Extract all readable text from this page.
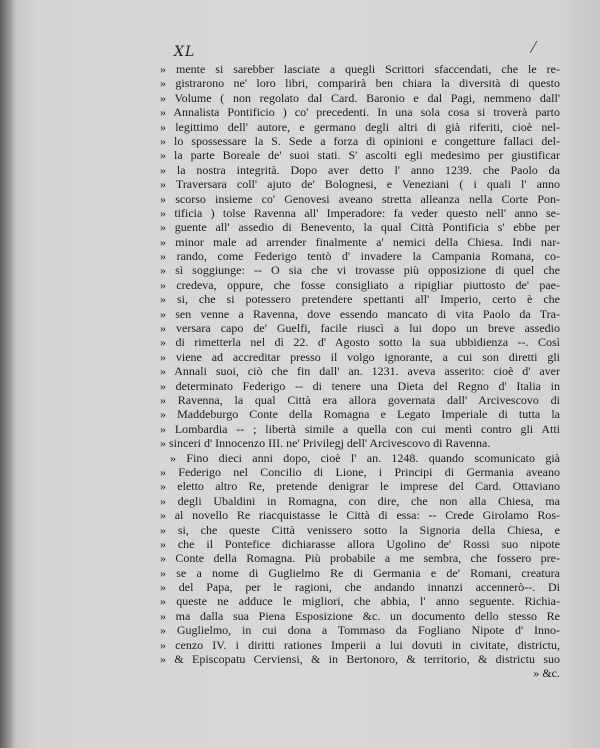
XL
» mente si sarebber lasciate a quegli Scrittori sfaccendati, che le re-
» gistrarono ne' loro libri, comparirà ben chiara la diversità di questo
» Volume ( non regolato dal Card. Baronio e dal Pagi, nemmeno dall'
» Annalista Pontificio ) co' precedenti. In una sola cosa si troverà parto
» legittimo dell' autore, e germano degli altri di già riferiti, cioè nel-
» lo spossessare la S. Sede a forza di opinioni e congetture fallaci del-
» la parte Boreale de' suoi stati. S' ascolti egli medesimo per giustificar
» la nostra integrità. Dopo aver detto l' anno 1239. che Paolo da
» Traversara coll' ajuto de' Bolognesi, e Veneziani ( i quali l' anno
» scorso insieme co' Genovesi aveano stretta alleanza nella Corte Pon-
» tificia ) tolse Ravenna all' Imperadore: fa veder questo nell' anno se-
» guente all' assedio di Benevento, la qual Città Pontificia s' ebbe per
» minor male ad arrender finalmente a' nemici della Chiesa. Indi nar-
» rando, come Federigo tentò d' invadere la Campania Romana, co-
» sì soggiunge: -- O sia che vi trovasse più opposizione di quel che
» credeva, oppure, che fosse consigliato a ripigliar piuttosto de' pae-
» si, che si potessero pretendere spettanti all' Imperio, certo è che
» sen venne a Ravenna, dove essendo mancato di vita Paolo da Tra-
» versara capo de' Guelfi, facile riuscì a lui dopo un breve assedio
» di rimetterla nel dì 22. d' Agosto sotto la sua ubbidienza --. Così
» viene ad accreditar presso il volgo ignorante, a cui son diretti gli
» Annali suoi, ciò che fin dall' an. 1231. aveva asserito: cioè d' aver
» determinato Federigo -- di tenere una Dieta del Regno d' Italia in
» Ravenna, la qual Città era allora governata dall' Arcivescovo di
» Maddeburgo Conte della Romagna e Legato Imperiale di tutta la
» Lombardia -- ; libertà simile a quella con cui mentì contro gli Atti
» sinceri d' Innocenzo III. ne' Privilegj dell' Arcivescovo di Ravenna.
» Fino dieci anni dopo, cioè l' an. 1248. quando scomunicato già
» Federigo nel Concilio di Lione, i Principi di Germania aveano
» eletto altro Re, pretende denigrar le imprese del Card. Ottaviano
» degli Ubaldini in Romagna, con dire, che non alla Chiesa, ma
» al novello Re riacquistasse le Città di essa: -- Crede Girolamo Ros-
» si, che queste Città venissero sotto la Signoria della Chiesa, e
» che il Pontefice dichiarasse allora Ugolino de' Rossi suo nipote
» Conte della Romagna. Più probabile a me sembra, che fossero pre-
» se a nome di Guglielmo Re di Germania e de' Romani, creatura
» del Papa, per le ragioni, che andando innanzi accennerò--. Di
» queste ne adduce le migliori, che abbia, l' anno seguente. Richia-
» ma dalla sua Piena Esposizione &c. un documento dello stesso Re
» Guglielmo, in cui dona a Tommaso da Fogliano Nipote d' Inno-
» cenzo IV. i diritti rationes Imperii a lui dovuti in civitate, districtu,
» & Episcopatu Cerviensi, & in Bertonoro, & territorio, & districtu suo
» &c.
